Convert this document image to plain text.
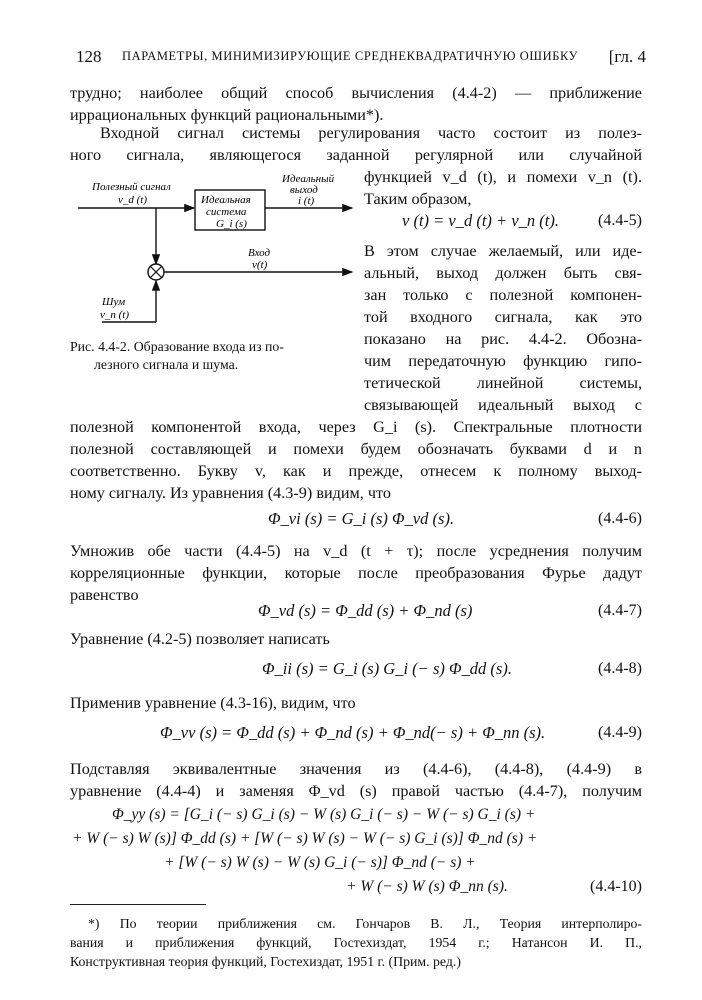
128 ПАРАМЕТРЫ, МИНИМИЗИРУЮЩИЕ СРЕДНЕКВАДРАТИЧНУЮ ОШИБКУ [гл. 4
трудно; наиболее общий способ вычисления (4.4-2) — приближение
иррациональных функций рациональными*).
Входной сигнал системы регулирования часто состоит из полез-
ного сигнала, являющегося заданной регулярной или случайной
функцией v_d (t), и помехи v_n (t).
Таким образом,
v (t) = v_d (t) + v_n (t). (4.4-5)
В этом случае желаемый, или иде-
альный, выход должен быть свя-
зан только с полезной компонен-
той входного сигнала, как это
показано на рис. 4.4-2. Обозна-
чим передаточную функцию гипо-
тетической линейной системы,
связывающей идеальный выход с
Полезный сигнал
v_d (t)	Идеальная
система
G_i (s)
Идеальный
выход
i (t)
Вход
v(t)
Шум
v_n (t)
Рис. 4.4-2. Образование входа из по-
лезного сигнала и шума.
полезной компонентой входа, через G_i (s). Спектральные плотности
полезной составляющей и помехи будем обозначать буквами d и n
соответственно. Букву v, как и прежде, отнесем к полному выход-
ному сигналу. Из уравнения (4.3-9) видим, что
Φ_vi (s) = G_i (s) Φ_vd (s).	(4.4-6)
Умножив обе части (4.4-5) на v_d (t + τ); после усреднения получим
корреляционные функции, которые после преобразования Фурье дадут
равенство
Φ_vd (s) = Φ_dd (s) + Φ_nd (s)	(4.4-7)
Уравнение (4.2-5) позволяет написать
Φ_ii (s) = G_i (s) G_i (− s) Φ_dd (s).	(4.4-8)
Применив уравнение (4.3-16), видим, что
Φ_vv (s) = Φ_dd (s) + Φ_nd (s) + Φ_nd(− s) + Φ_nn (s).	(4.4-9)
Подставляя эквивалентные значения из (4.4-6), (4.4-8), (4.4-9) в
уравнение (4.4-4) и заменяя Φ_vd (s) правой частью (4.4-7), получим
Φ_yy (s) = [G_i (− s) G_i (s) − W (s) G_i (− s) − W (− s) G_i (s) +
+ W (− s) W (s)] Φ_dd (s) + [W (− s) W (s) − W (− s) G_i (s)] Φ_nd (s) +
+ [W (− s) W (s) − W (s) G_i (− s)] Φ_nd (− s) +
+ W (− s) W (s) Φ_nn (s).	(4.4-10)
*) По теории приближения см. Гончаров В. Л., Теория интерполиро-
вания и приближения функций, Гостехиздат, 1954 г.; Натансон И. П.,
Конструктивная теория функций, Гостехиздат, 1951 г. (Прим. ред.)
